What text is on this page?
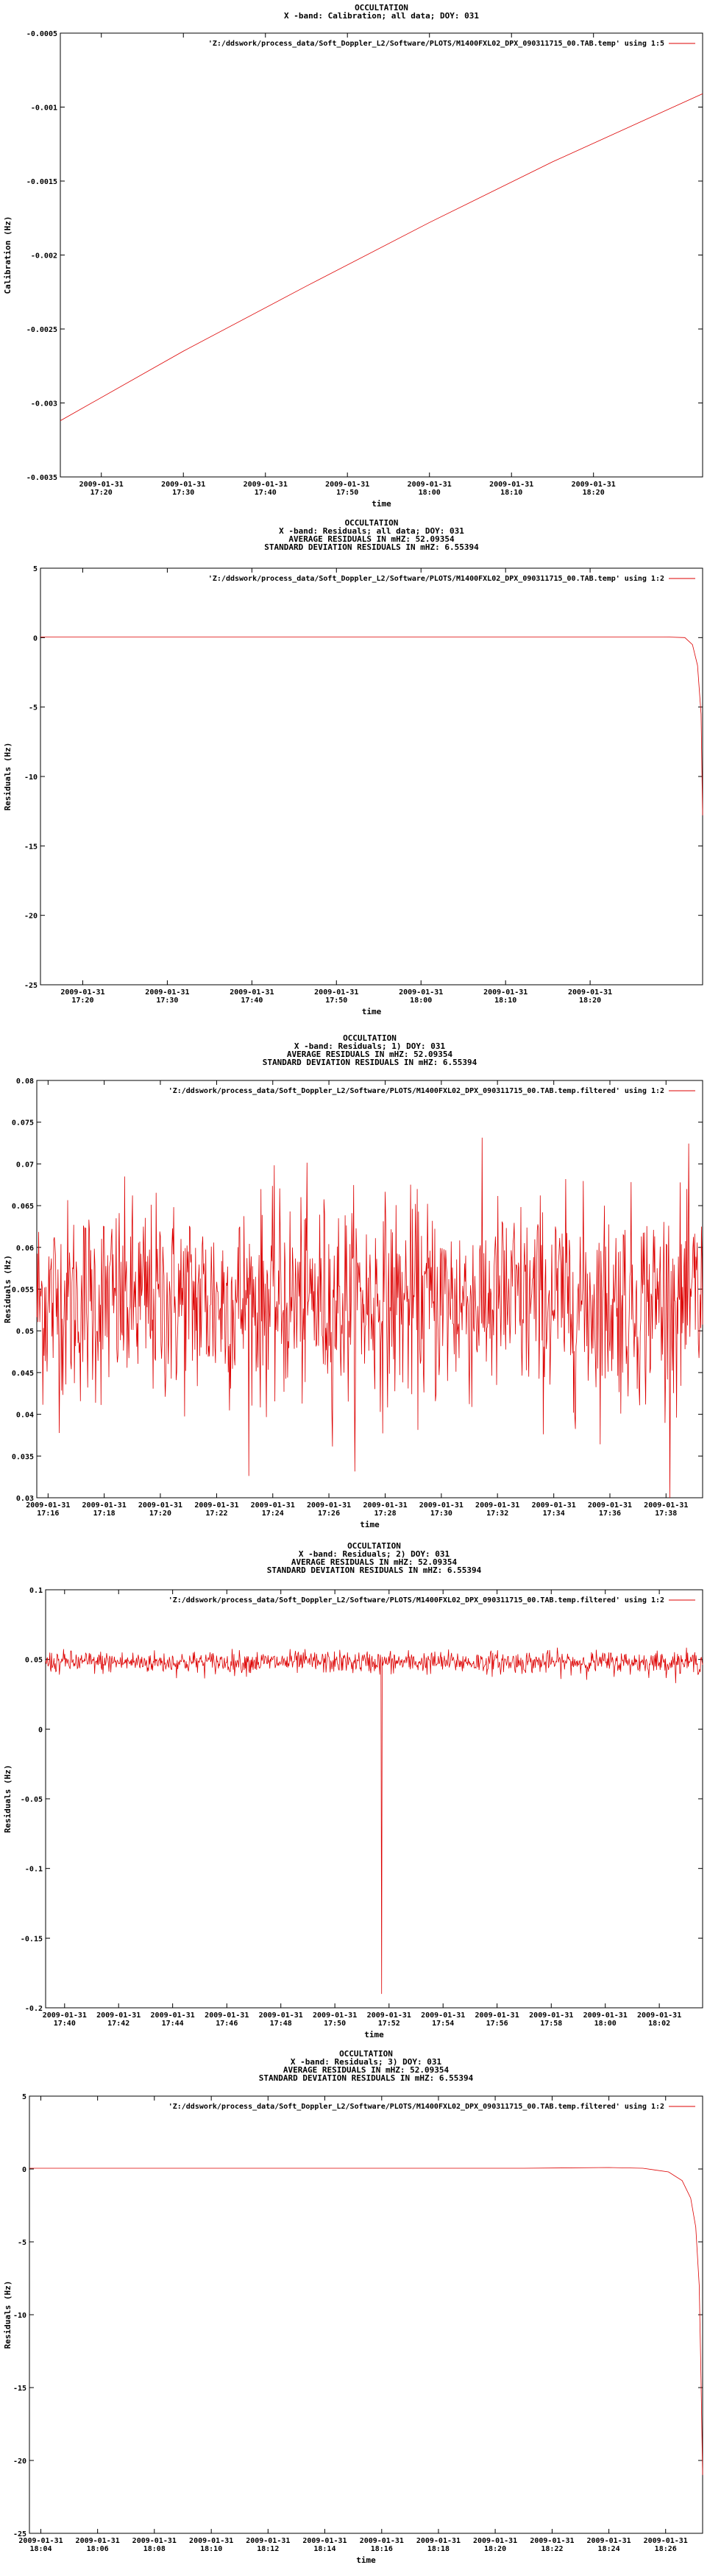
OCCULTATION
X -band: Calibration; all data; DOY: 031
-0.0005
-0.001
-0.0015
-0.002
-0.0025
-0.003
-0.0035
2009-01-31
17:20
2009-01-31
17:30
2009-01-31
17:40
2009-01-31
17:50
2009-01-31
18:00
2009-01-31
18:10
2009-01-31
18:20
time
Calibration (Hz)
'Z:/ddswork/process_data/Soft_Doppler_L2/Software/PLOTS/M1400FXL02_DPX_090311715_00.TAB.temp' using 1:5
OCCULTATION
X -band: Residuals; all data; DOY: 031
AVERAGE RESIDUALS IN mHZ: 52.09354
STANDARD DEVIATION RESIDUALS IN mHZ: 6.55394
5
0
-5
-10
-15
-20
-25
2009-01-31
17:20
2009-01-31
17:30
2009-01-31
17:40
2009-01-31
17:50
2009-01-31
18:00
2009-01-31
18:10
2009-01-31
18:20
time
Residuals (Hz)
'Z:/ddswork/process_data/Soft_Doppler_L2/Software/PLOTS/M1400FXL02_DPX_090311715_00.TAB.temp' using 1:2
OCCULTATION
X -band: Residuals; 1) DOY: 031
AVERAGE RESIDUALS IN mHZ: 52.09354
STANDARD DEVIATION RESIDUALS IN mHZ: 6.55394
0.08
0.075
0.07
0.065
0.06
0.055
0.05
0.045
0.04
0.035
0.03
2009-01-31
17:16
2009-01-31
17:18
2009-01-31
17:20
2009-01-31
17:22
2009-01-31
17:24
2009-01-31
17:26
2009-01-31
17:28
2009-01-31
17:30
2009-01-31
17:32
2009-01-31
17:34
2009-01-31
17:36
2009-01-31
17:38
time
Residuals (Hz)
'Z:/ddswork/process_data/Soft_Doppler_L2/Software/PLOTS/M1400FXL02_DPX_090311715_00.TAB.temp.filtered' using 1:2
OCCULTATION
X -band: Residuals; 2) DOY: 031
AVERAGE RESIDUALS IN mHZ: 52.09354
STANDARD DEVIATION RESIDUALS IN mHZ: 6.55394
0.1
0.05
0
-0.05
-0.1
-0.15
-0.2
2009-01-31
17:40
2009-01-31
17:42
2009-01-31
17:44
2009-01-31
17:46
2009-01-31
17:48
2009-01-31
17:50
2009-01-31
17:52
2009-01-31
17:54
2009-01-31
17:56
2009-01-31
17:58
2009-01-31
18:00
2009-01-31
18:02
time
Residuals (Hz)
'Z:/ddswork/process_data/Soft_Doppler_L2/Software/PLOTS/M1400FXL02_DPX_090311715_00.TAB.temp.filtered' using 1:2
OCCULTATION
X -band: Residuals; 3) DOY: 031
AVERAGE RESIDUALS IN mHZ: 52.09354
STANDARD DEVIATION RESIDUALS IN mHZ: 6.55394
5
0
-5
-10
-15
-20
-25
2009-01-31
18:04
2009-01-31
18:06
2009-01-31
18:08
2009-01-31
18:10
2009-01-31
18:12
2009-01-31
18:14
2009-01-31
18:16
2009-01-31
18:18
2009-01-31
18:20
2009-01-31
18:22
2009-01-31
18:24
2009-01-31
18:26
time
Residuals (Hz)
'Z:/ddswork/process_data/Soft_Doppler_L2/Software/PLOTS/M1400FXL02_DPX_090311715_00.TAB.temp.filtered' using 1:2
